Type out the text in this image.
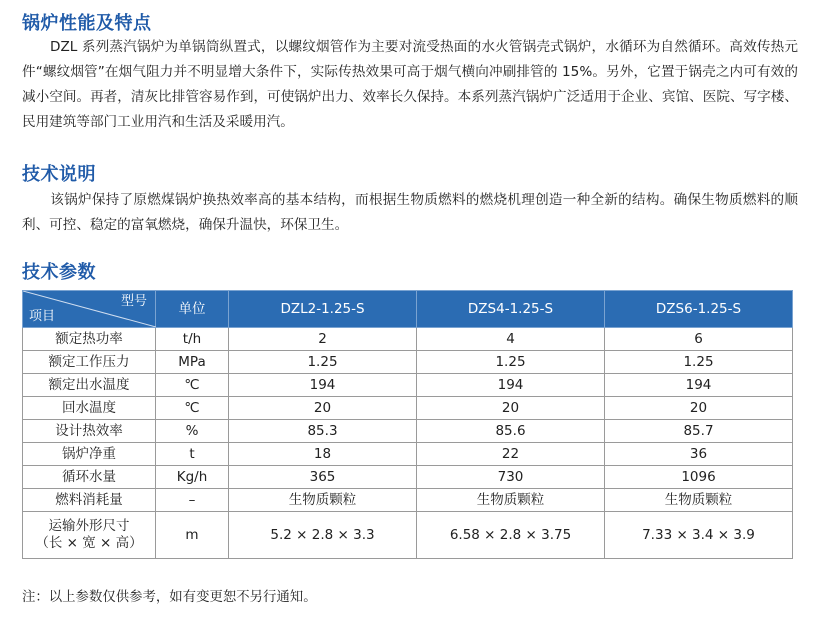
锅炉性能及特点

DZL 系列蒸汽锅炉为单锅筒纵置式，以螺纹烟管作为主要对流受热面的水火管锅壳式锅炉，水循环为自然循环。高效传热元件“螺纹烟管”在烟气阻力并不明显增大条件下，实际传热效果可高于烟气横向冲刷排管的 15%。另外，它置于锅壳之内可有效的减小空间。再者，清灰比排管容易作到，可使锅炉出力、效率长久保持。本系列蒸汽锅炉广泛适用于企业、宾馆、医院、写字楼、民用建筑等部门工业用汽和生活及采暖用汽。

技术说明

该锅炉保持了原燃煤锅炉换热效率高的基本结构，而根据生物质燃料的燃烧机理创造一种全新的结构。确保生物质燃料的顺利、可控、稳定的富氧燃烧，确保升温快，环保卫生。

技术参数
型号
项目	单位	DZL2-1.25-S	DZS4-1.25-S	DZS6-1.25-S
额定热功率	t/h	2	4	6
额定工作压力	MPa	1.25	1.25	1.25
额定出水温度	℃	194	194	194
回水温度	℃	20	20	20
设计热效率	%	85.3	85.6	85.7
锅炉净重	t	18	22	36
循环水量	Kg/h	365	730	1096
燃料消耗量	–	生物质颗粒	生物质颗粒	生物质颗粒

运输外形尺寸
（长 × 宽 × 高）	m	5.2 × 2.8 × 3.3	6.58 × 2.8 × 3.75	7.33 × 3.4 × 3.9
注：以上参数仅供参考，如有变更恕不另行通知。
